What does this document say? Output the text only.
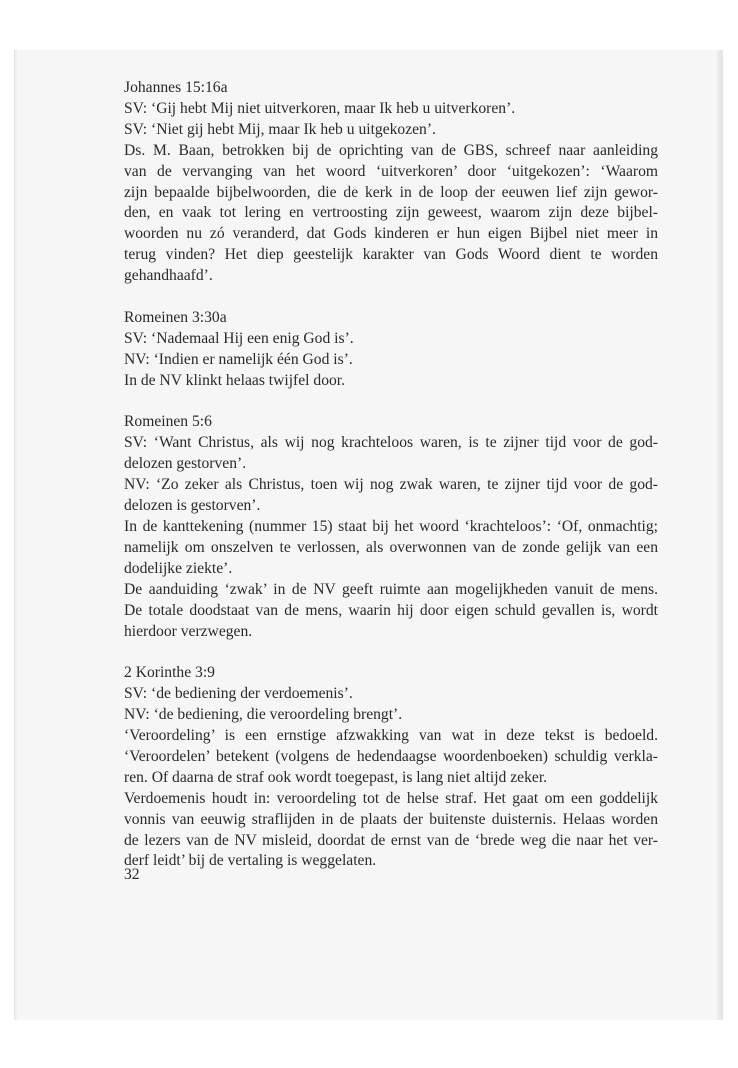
Johannes 15:16a
SV: ‘Gij hebt Mij niet uitverkoren, maar Ik heb u uitverkoren’.
SV: ‘Niet gij hebt Mij, maar Ik heb u uitgekozen’.
Ds. M. Baan, betrokken bij de oprichting van de GBS, schreef naar aanleiding
van de vervanging van het woord ‘uitverkoren’ door ‘uitgekozen’: ‘Waarom
zijn bepaalde bijbelwoorden, die de kerk in de loop der eeuwen lief zijn gewor-
den, en vaak tot lering en vertroosting zijn geweest, waarom zijn deze bijbel-
woorden nu zó veranderd, dat Gods kinderen er hun eigen Bijbel niet meer in
terug vinden? Het diep geestelijk karakter van Gods Woord dient te worden
gehandhaafd’.
Romeinen 3:30a
SV: ‘Nademaal Hij een enig God is’.
NV: ‘Indien er namelijk één God is’.
In de NV klinkt helaas twijfel door.
Romeinen 5:6
SV: ‘Want Christus, als wij nog krachteloos waren, is te zijner tijd voor de god-
delozen gestorven’.
NV: ‘Zo zeker als Christus, toen wij nog zwak waren, te zijner tijd voor de god-
delozen is gestorven’.
In de kanttekening (nummer 15) staat bij het woord ‘krachteloos’: ‘Of, onmachtig;
namelijk om onszelven te verlossen, als overwonnen van de zonde gelijk van een
dodelijke ziekte’.
De aanduiding ‘zwak’ in de NV geeft ruimte aan mogelijkheden vanuit de mens.
De totale doodstaat van de mens, waarin hij door eigen schuld gevallen is, wordt
hierdoor verzwegen.
2 Korinthe 3:9
SV: ‘de bediening der verdoemenis’.
NV: ‘de bediening, die veroordeling brengt’.
‘Veroordeling’ is een ernstige afzwakking van wat in deze tekst is bedoeld.
‘Veroordelen’ betekent (volgens de hedendaagse woordenboeken) schuldig verkla-
ren. Of daarna de straf ook wordt toegepast, is lang niet altijd zeker.
Verdoemenis houdt in: veroordeling tot de helse straf. Het gaat om een goddelijk
vonnis van eeuwig straflijden in de plaats der buitenste duisternis. Helaas worden
de lezers van de NV misleid, doordat de ernst van de ‘brede weg die naar het ver-
derf leidt’ bij de vertaling is weggelaten.
32
